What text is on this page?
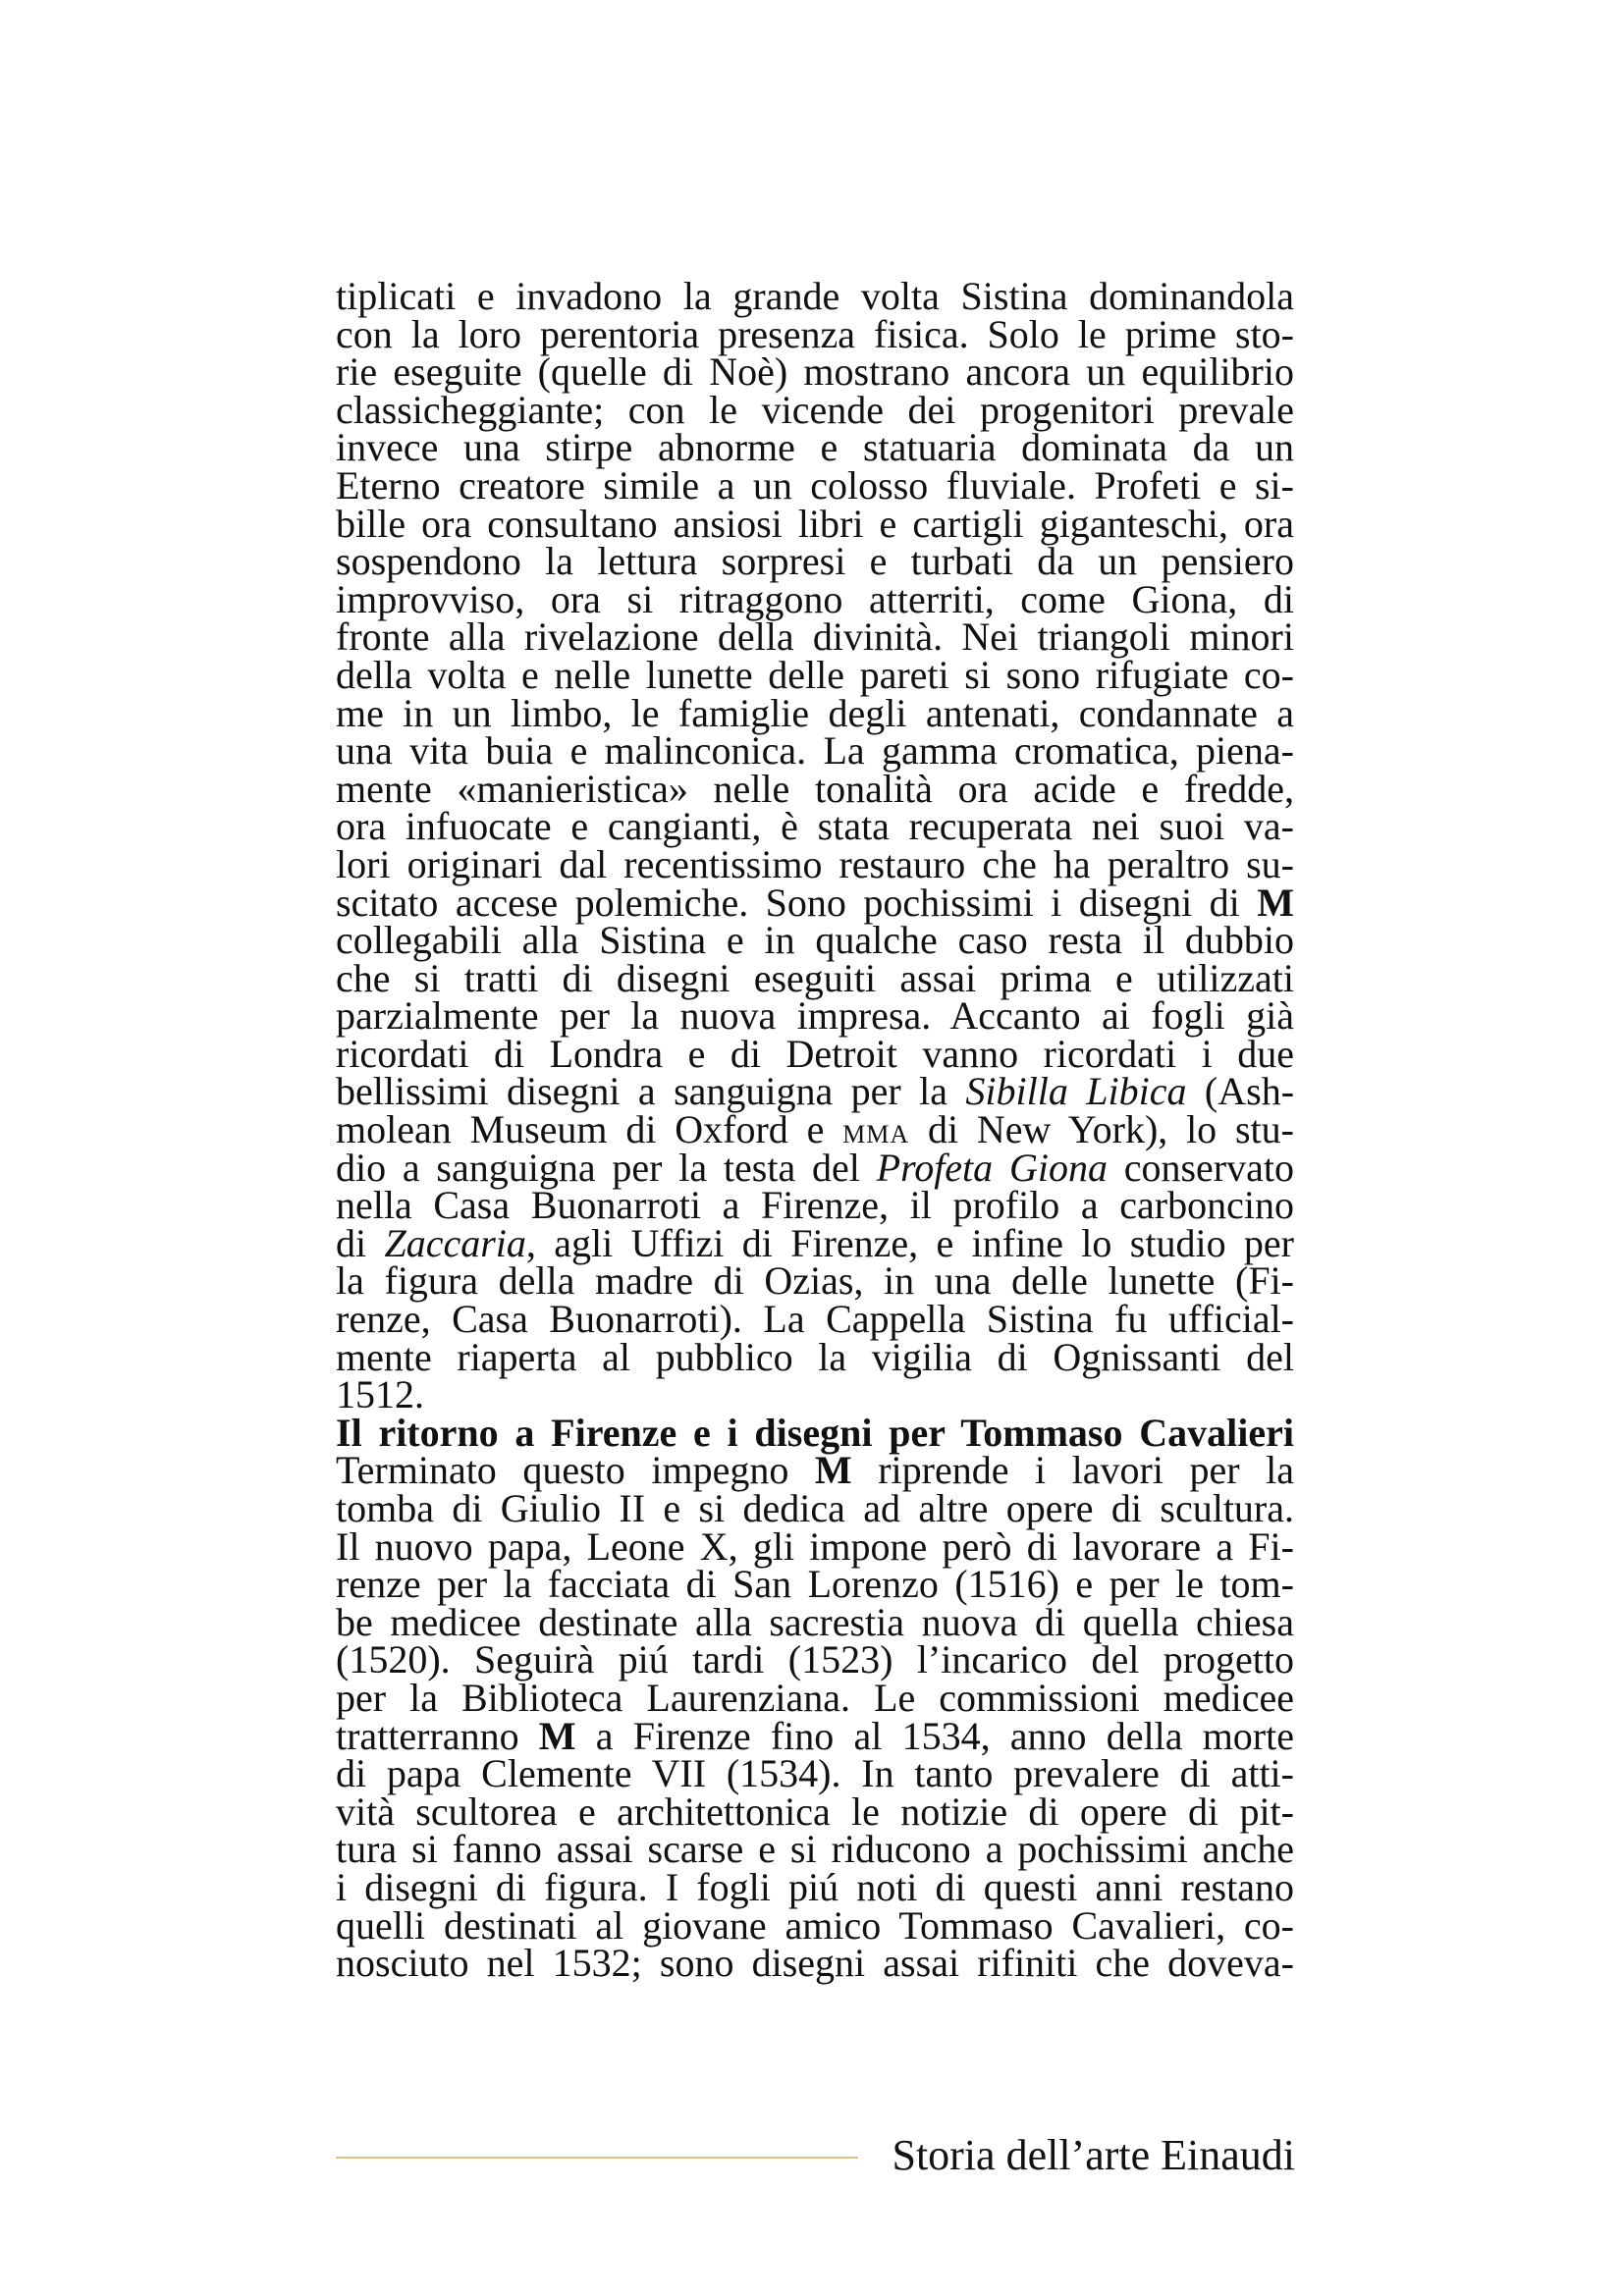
tiplicati e invadono la grande volta Sistina dominandola
con la loro perentoria presenza fisica. Solo le prime sto-
rie eseguite (quelle di Noè) mostrano ancora un equilibrio
classicheggiante; con le vicende dei progenitori prevale
invece una stirpe abnorme e statuaria dominata da un
Eterno creatore simile a un colosso fluviale. Profeti e si-
bille ora consultano ansiosi libri e cartigli giganteschi, ora
sospendono la lettura sorpresi e turbati da un pensiero
improvviso, ora si ritraggono atterriti, come Giona, di
fronte alla rivelazione della divinità. Nei triangoli minori
della volta e nelle lunette delle pareti si sono rifugiate co-
me in un limbo, le famiglie degli antenati, condannate a
una vita buia e malinconica. La gamma cromatica, piena-
mente «manieristica» nelle tonalità ora acide e fredde,
ora infuocate e cangianti, è stata recuperata nei suoi va-
lori originari dal recentissimo restauro che ha peraltro su-
scitato accese polemiche. Sono pochissimi i disegni di M
collegabili alla Sistina e in qualche caso resta il dubbio
che si tratti di disegni eseguiti assai prima e utilizzati
parzialmente per la nuova impresa. Accanto ai fogli già
ricordati di Londra e di Detroit vanno ricordati i due
bellissimi disegni a sanguigna per la Sibilla Libica (Ash-
molean Museum di Oxford e MMA di New York), lo stu-
dio a sanguigna per la testa del Profeta Giona conservato
nella Casa Buonarroti a Firenze, il profilo a carboncino
di Zaccaria, agli Uffizi di Firenze, e infine lo studio per
la figura della madre di Ozias, in una delle lunette (Fi-
renze, Casa Buonarroti). La Cappella Sistina fu ufficial-
mente riaperta al pubblico la vigilia di Ognissanti del
1512.
Il ritorno a Firenze e i disegni per Tommaso Cavalieri
Terminato questo impegno M riprende i lavori per la
tomba di Giulio II e si dedica ad altre opere di scultura.
Il nuovo papa, Leone X, gli impone però di lavorare a Fi-
renze per la facciata di San Lorenzo (1516) e per le tom-
be medicee destinate alla sacrestia nuova di quella chiesa
(1520). Seguirà piú tardi (1523) l’incarico del progetto
per la Biblioteca Laurenziana. Le commissioni medicee
tratterranno M a Firenze fino al 1534, anno della morte
di papa Clemente VII (1534). In tanto prevalere di atti-
vità scultorea e architettonica le notizie di opere di pit-
tura si fanno assai scarse e si riducono a pochissimi anche
i disegni di figura. I fogli piú noti di questi anni restano
quelli destinati al giovane amico Tommaso Cavalieri, co-
nosciuto nel 1532; sono disegni assai rifiniti che doveva-
Storia dell’arte Einaudi
